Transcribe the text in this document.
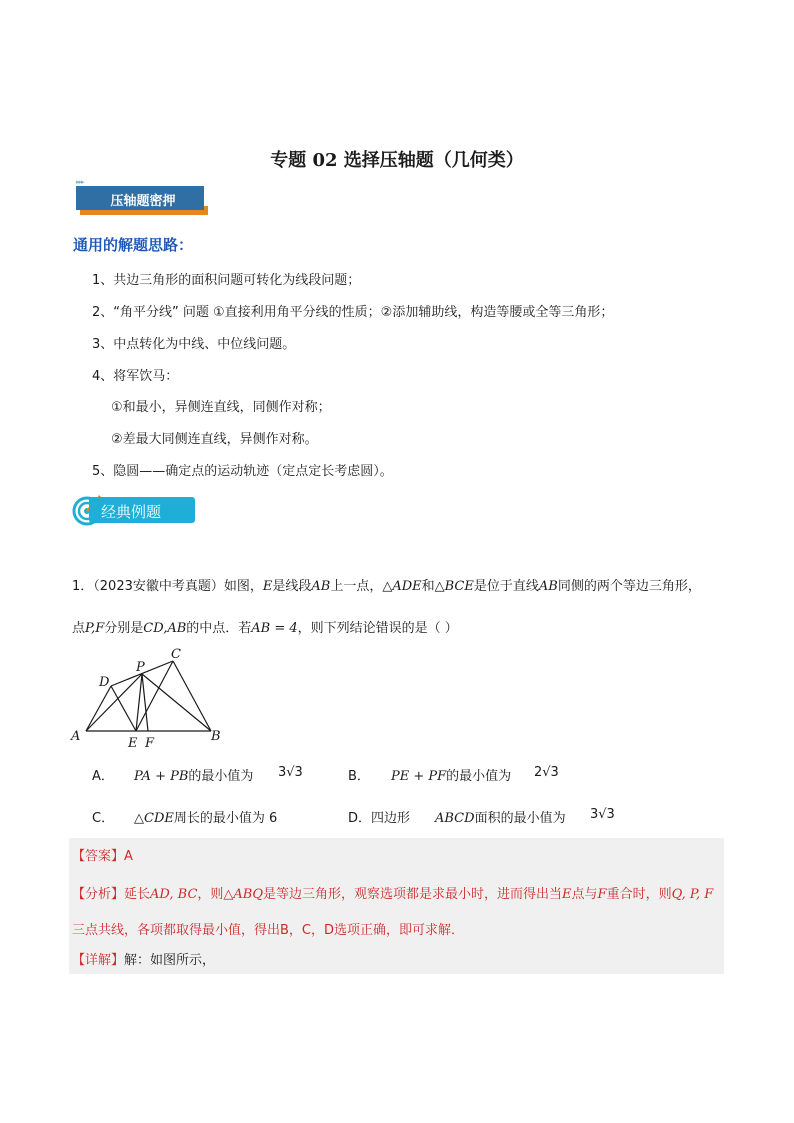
专题 02 选择压轴题（几何类）
▸▸▸
压轴题密押
通用的解题思路：
1、共边三角形的面积问题可转化为线段问题；
2、“角平分线” 问题 ①直接利用角平分线的性质；②添加辅助线，构造等腰或全等三角形；
3、中点转化为中线、中位线问题。
4、将军饮马：
①和最小，异侧连直线，同侧作对称；
②差最大同侧连直线，异侧作对称。
5、隐圆——确定点的运动轨迹（定点定长考虑圆）。
经典例题
1．（2023安徽中考真题）如图，E是线段AB上一点，△ADE和△BCE是位于直线AB同侧的两个等边三角形，
点P,F分别是CD,AB的中点．若AB = 4，则下列结论错误的是（ ）
A	B
C
D
E F
P
A． PA + PB的最小值为 3√3	B． PE + PF的最小值为 2√3
C． △CDE周长的最小值为 6	D．四边形 ABCD面积的最小值为 3√3
【答案】A
【分析】延长AD, BC，则△ABQ是等边三角形，观察选项都是求最小时，进而得出当E点与F重合时，则Q, P, F
三点共线，各项都取得最小值，得出B，C，D选项正确，即可求解．
【详解】解：如图所示，
